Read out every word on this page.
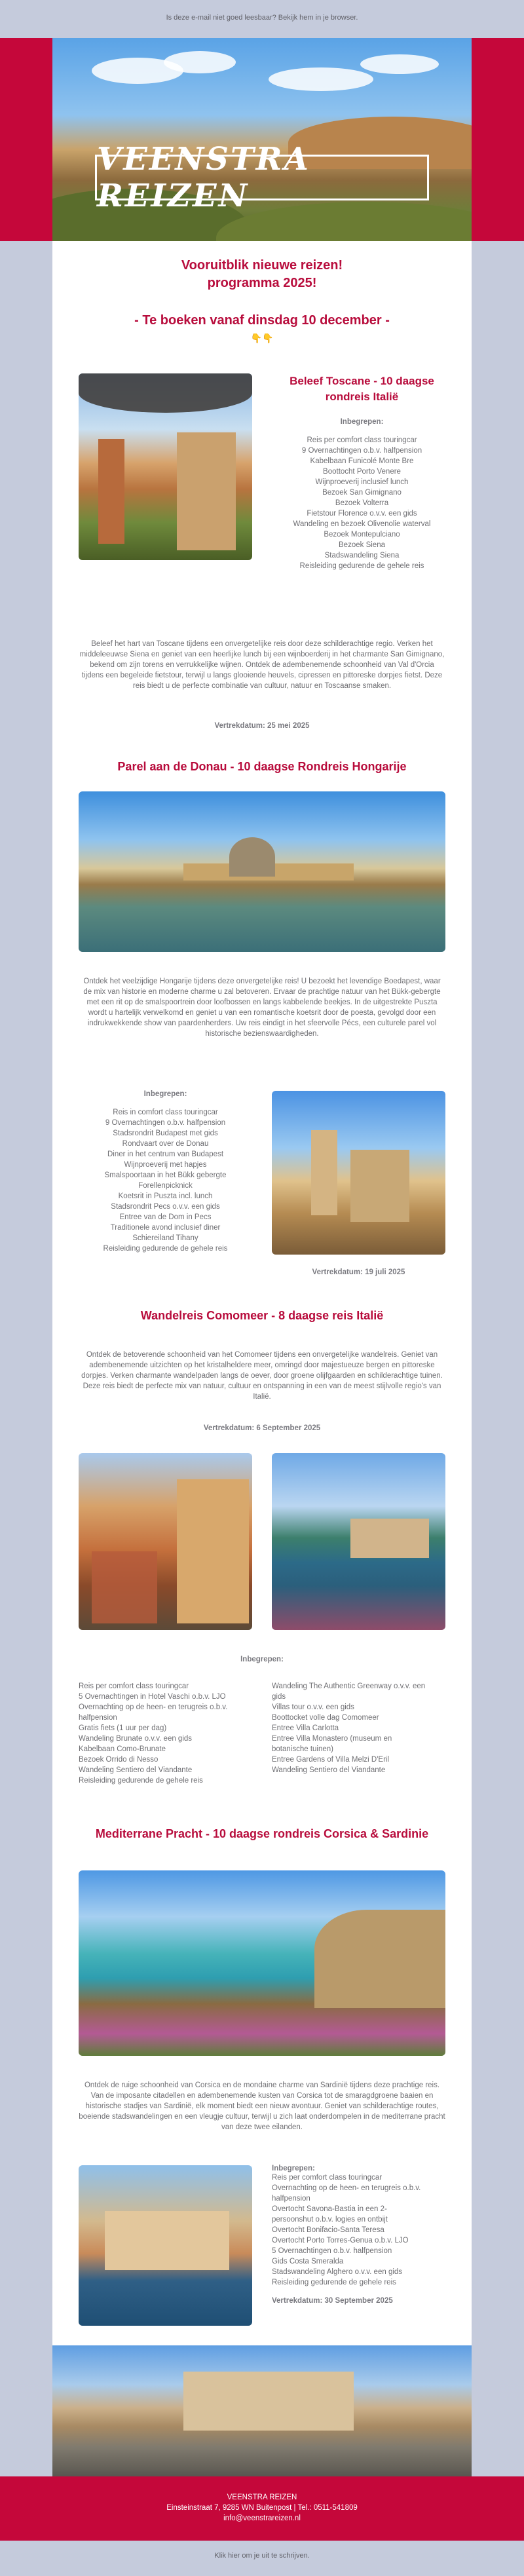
Is deze e-mail niet goed leesbaar? Bekijk hem in je browser.
VEENSTRA REIZEN
Vooruitblik nieuwe reizen!
programma 2025!
- Te boeken vanaf dinsdag 10 december -
👇👇
Beleef Toscane - 10 daagse
rondreis Italië
Inbegrepen:
Reis per comfort class touringcar
9 Overnachtingen o.b.v. halfpension
Kabelbaan Funicolé Monte Bre
Boottocht Porto Venere
Wijnproeverij inclusief lunch
Bezoek San Gimignano
Bezoek Volterra
Fietstour Florence o.v.v. een gids
Wandeling en bezoek Olivenolie waterval
Bezoek Montepulciano
Bezoek Siena
Stadswandeling Siena
Reisleiding gedurende de gehele reis
Beleef het hart van Toscane tijdens een onvergetelijke reis door deze schilderachtige regio. Verken het middeleeuwse Siena en geniet van een heerlijke lunch bij een wijnboerderij in het charmante San Gimignano, bekend om zijn torens en verrukkelijke wijnen. Ontdek de adembenemende schoonheid van Val d'Orcia tijdens een begeleide fietstour, terwijl u langs glooiende heuvels, cipressen en pittoreske dorpjes fietst. Deze reis biedt u de perfecte combinatie van cultuur, natuur en Toscaanse smaken.
Vertrekdatum: 25 mei 2025
Parel aan de Donau - 10 daagse Rondreis Hongarije
Ontdek het veelzijdige Hongarije tijdens deze onvergetelijke reis! U bezoekt het levendige Boedapest, waar de mix van historie en moderne charme u zal betoveren. Ervaar de prachtige natuur van het Bükk-gebergte met een rit op de smalspoortrein door loofbossen en langs kabbelende beekjes. In de uitgestrekte Puszta wordt u hartelijk verwelkomd en geniet u van een romantische koetsrit door de poesta, gevolgd door een indrukwekkende show van paardenherders. Uw reis eindigt in het sfeervolle Pécs, een culturele parel vol historische bezienswaardigheden.
Inbegrepen:
Reis in comfort class touringcar
9 Overnachtingen o.b.v. halfpension
Stadsrondrit Budapest met gids
Rondvaart over de Donau
Diner in het centrum van Budapest
Wijnproeverij met hapjes
Smalspoortaan in het Bükk gebergte
Forellenpicknick
Koetsrit in Puszta incl. lunch
Stadsrondrit Pecs o.v.v. een gids
Entree van de Dom in Pecs
Traditionele avond inclusief diner
Schiereiland Tihany
Reisleiding gedurende de gehele reis
Vertrekdatum: 19 juli 2025
Wandelreis Comomeer - 8 daagse reis Italië
Ontdek de betoverende schoonheid van het Comomeer tijdens een onvergetelijke wandelreis. Geniet van adembenemende uitzichten op het kristalheldere meer, omringd door majestueuze bergen en pittoreske dorpjes. Verken charmante wandelpaden langs de oever, door groene olijfgaarden en schilderachtige tuinen. Deze reis biedt de perfecte mix van natuur, cultuur en ontspanning in een van de meest stijlvolle regio's van Italië.
Vertrekdatum: 6 September 2025
Inbegrepen:
Reis per comfort class touringcar
5 Overnachtingen in Hotel Vaschi o.b.v. LJO
Overnachting op de heen- en terugreis o.b.v.
halfpension
Gratis fiets (1 uur per dag)
Wandeling Brunate o.v.v. een gids
Kabelbaan Como-Brunate
Bezoek Orrido di Nesso
Wandeling Sentiero del Viandante
Reisleiding gedurende de gehele reis
Wandeling The Authentic Greenway o.v.v. een
gids
Villas tour o.v.v. een gids
Boottocket volle dag Comomeer
Entree Villa Carlotta
Entree Villa Monastero (museum en
botanische tuinen)
Entree Gardens of Villa Melzi D'Eril
Wandeling Sentiero del Viandante
Mediterrane Pracht - 10 daagse rondreis Corsica & Sardinie
Ontdek de ruige schoonheid van Corsica en de mondaine charme van Sardinië tijdens deze prachtige reis. Van de imposante citadellen en adembenemende kusten van Corsica tot de smaragdgroene baaien en historische stadjes van Sardinië, elk moment biedt een nieuw avontuur. Geniet van schilderachtige routes, boeiende stadswandelingen en een vleugje cultuur, terwijl u zich laat onderdompelen in de mediterrane pracht van deze twee eilanden.
Inbegrepen:
Reis per comfort class touringcar
Overnachting op de heen- en terugreis o.b.v.
halfpension
Overtocht Savona-Bastia in een 2-
persoonshut o.b.v. logies en ontbijt
Overtocht Bonifacio-Santa Teresa
Overtocht Porto Torres-Genua o.b.v. LJO
5 Overnachtingen o.b.v. halfpension
Gids Costa Smeralda
Stadswandeling Alghero o.v.v. een gids
Reisleiding gedurende de gehele reis
Vertrekdatum: 30 September 2025
VEENSTRA REIZEN
Einsteinstraat 7, 9285 WN Buitenpost | Tel.: 0511-541809
info@veenstrareizen.nl
Klik hier om je uit te schrijven.
